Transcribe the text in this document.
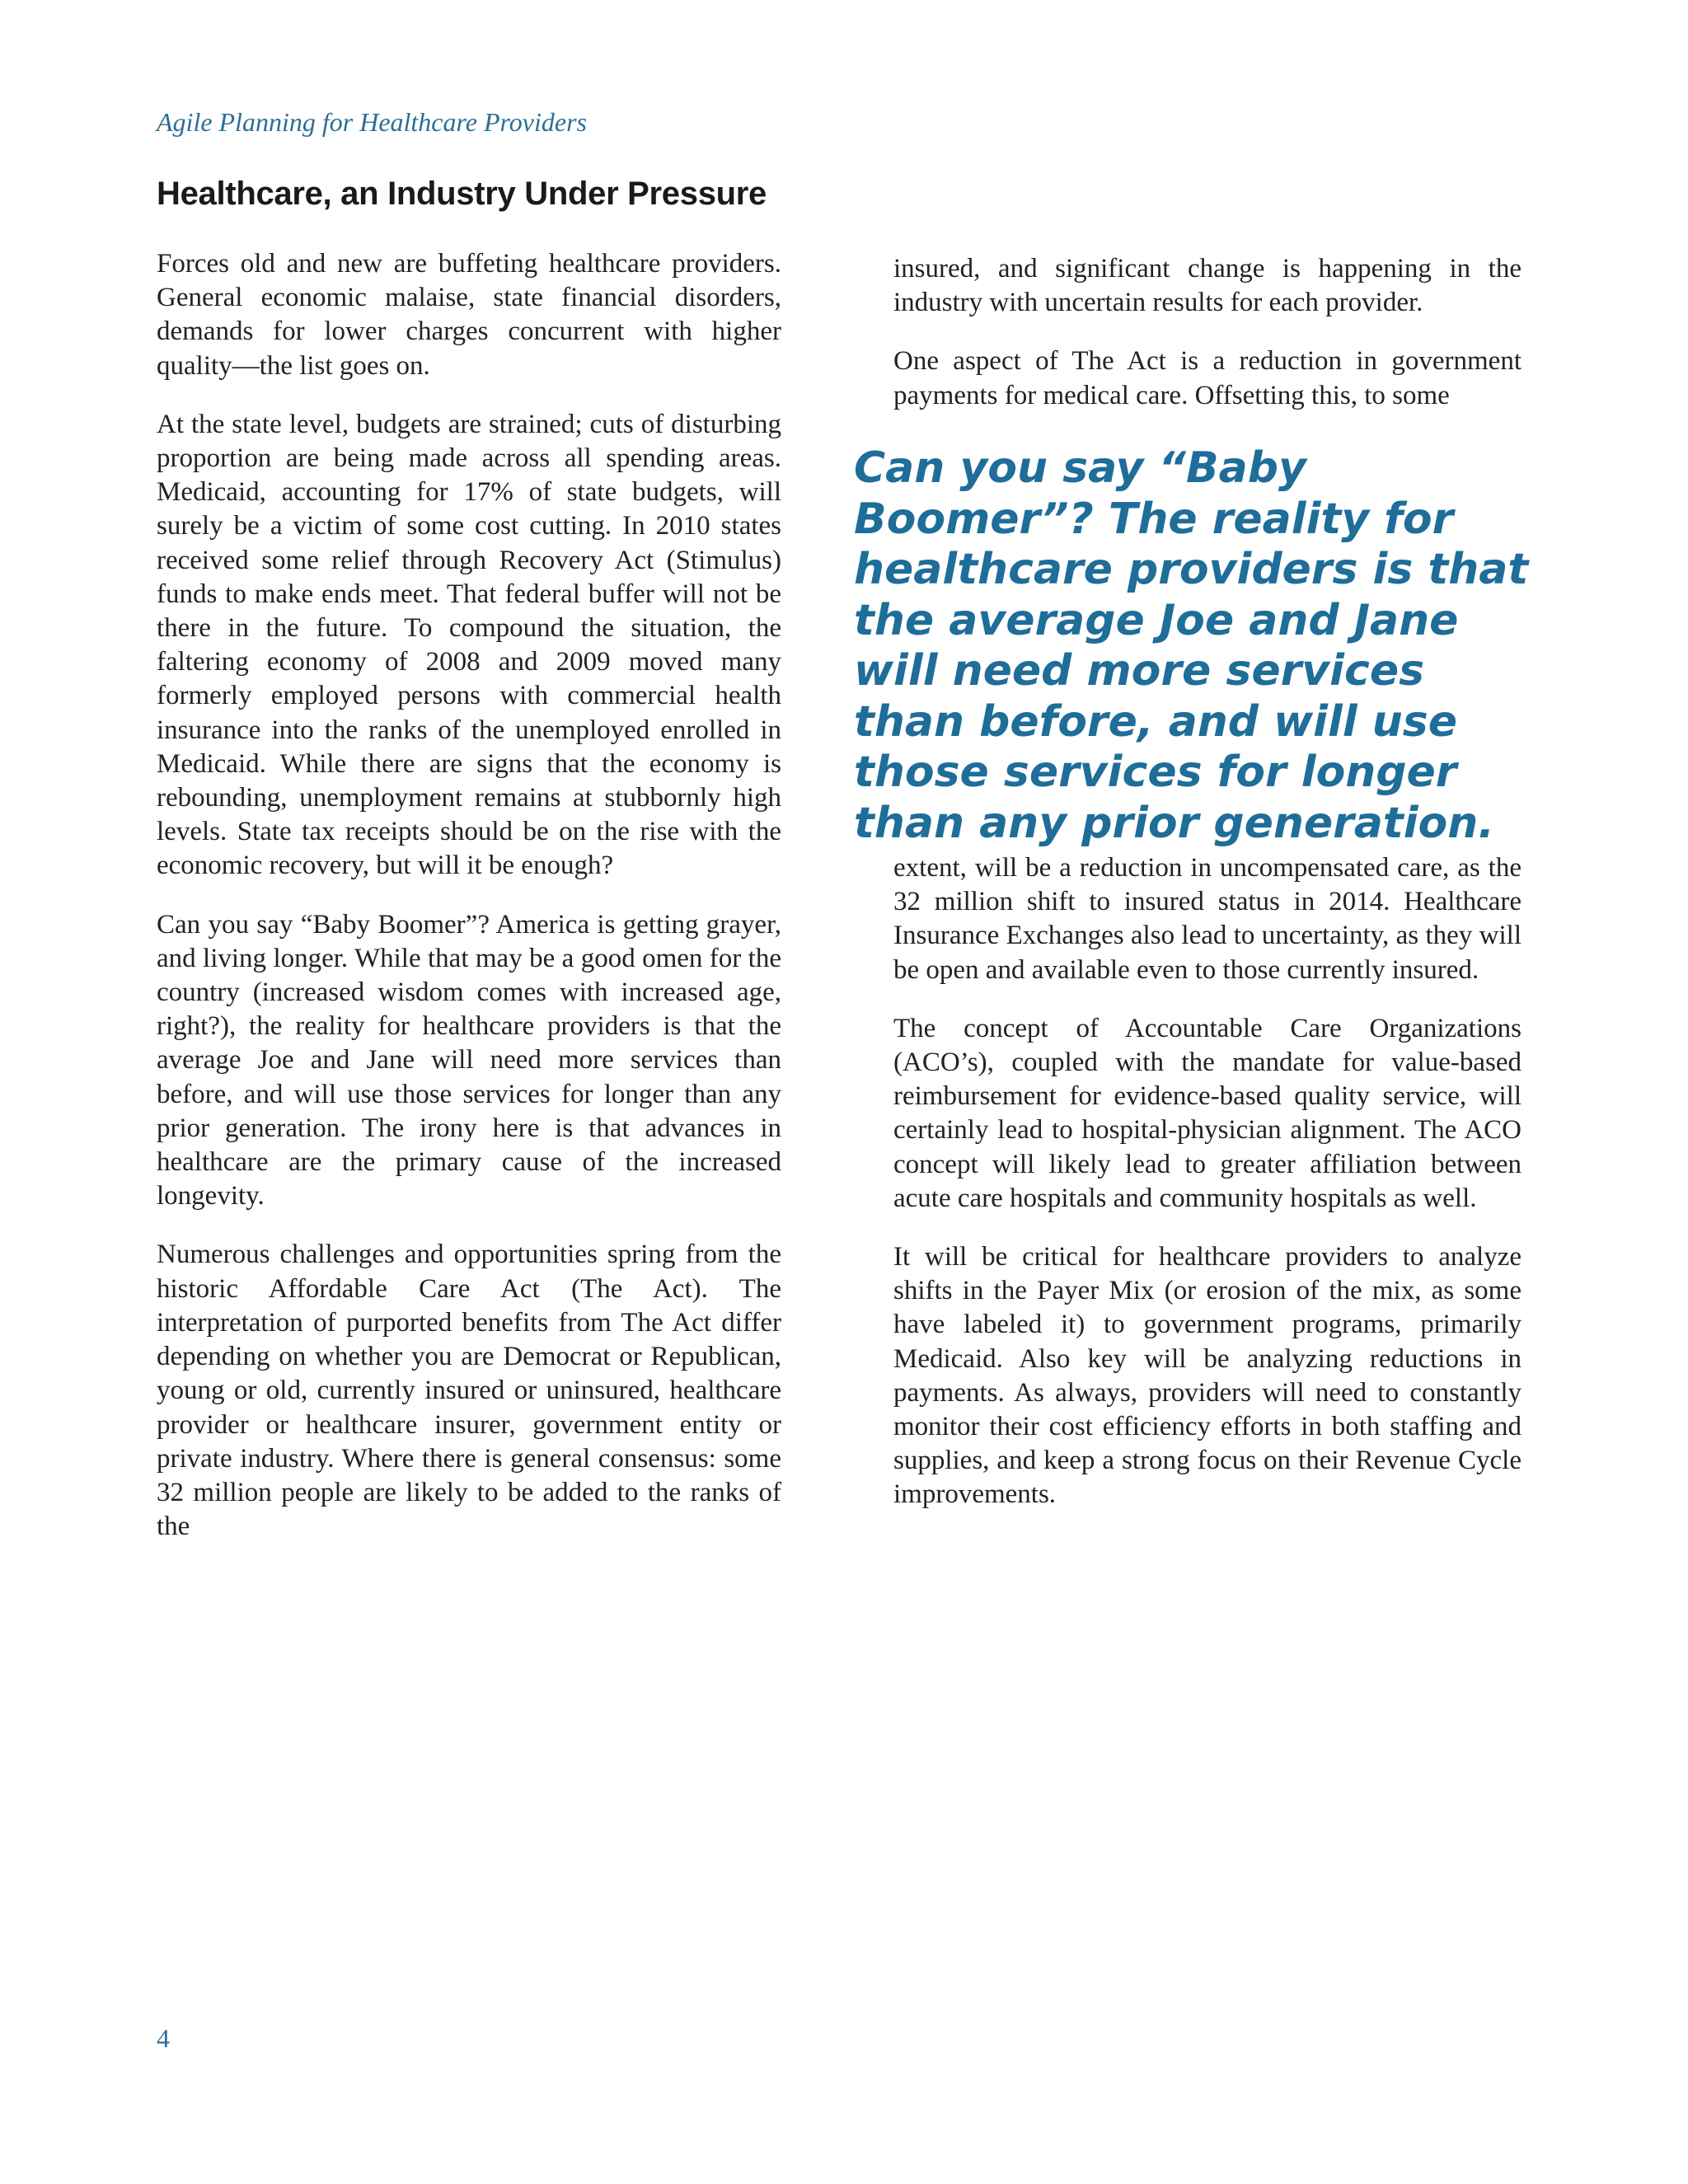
Agile Planning for Healthcare Providers

Healthcare, an Industry Under Pressure

Forces old and new are buffeting healthcare providers. General economic malaise, state financial disorders, demands for lower charges concurrent with higher quality—the list goes on.

At the state level, budgets are strained; cuts of disturbing proportion are being made across all spending areas. Medicaid, accounting for 17% of state budgets, will surely be a victim of some cost cutting. In 2010 states received some relief through Recovery Act (Stimulus) funds to make ends meet. That federal buffer will not be there in the future. To compound the situation, the faltering economy of 2008 and 2009 moved many formerly employed persons with commercial health insurance into the ranks of the unemployed enrolled in Medicaid. While there are signs that the economy is rebounding, unemployment remains at stubbornly high levels. State tax receipts should be on the rise with the economic recovery, but will it be enough?

Can you say “Baby Boomer”? America is getting grayer, and living longer. While that may be a good omen for the country (increased wisdom comes with increased age, right?), the reality for healthcare providers is that the average Joe and Jane will need more services than before, and will use those services for longer than any prior generation. The irony here is that advances in healthcare are the primary cause of the increased longevity.

Numerous challenges and opportunities spring from the historic Affordable Care Act (The Act). The interpretation of purported benefits from The Act differ depending on whether you are Democrat or Republican, young or old, currently insured or uninsured, healthcare provider or healthcare insurer, government entity or private industry. Where there is general consensus: some 32 million people are likely to be added to the ranks of the

insured, and significant change is happening in the industry with uncertain results for each provider.

One aspect of The Act is a reduction in government payments for medical care. Offsetting this, to some

Can you say “Baby Boomer”? The reality for healthcare providers is that the average Joe and Jane will need more services than before, and will use those services for longer than any prior generation.

extent, will be a reduction in uncompensated care, as the 32 million shift to insured status in 2014. Healthcare Insurance Exchanges also lead to uncertainty, as they will be open and available even to those currently insured.

The concept of Accountable Care Organizations (ACO’s), coupled with the mandate for value-based reimbursement for evidence-based quality service, will certainly lead to hospital-physician alignment. The ACO concept will likely lead to greater affiliation between acute care hospitals and community hospitals as well.

It will be critical for healthcare providers to analyze shifts in the Payer Mix (or erosion of the mix, as some have labeled it) to government programs, primarily Medicaid. Also key will be analyzing reductions in payments. As always, providers will need to constantly monitor their cost efficiency efforts in both staffing and supplies, and keep a strong focus on their Revenue Cycle improvements.

4
